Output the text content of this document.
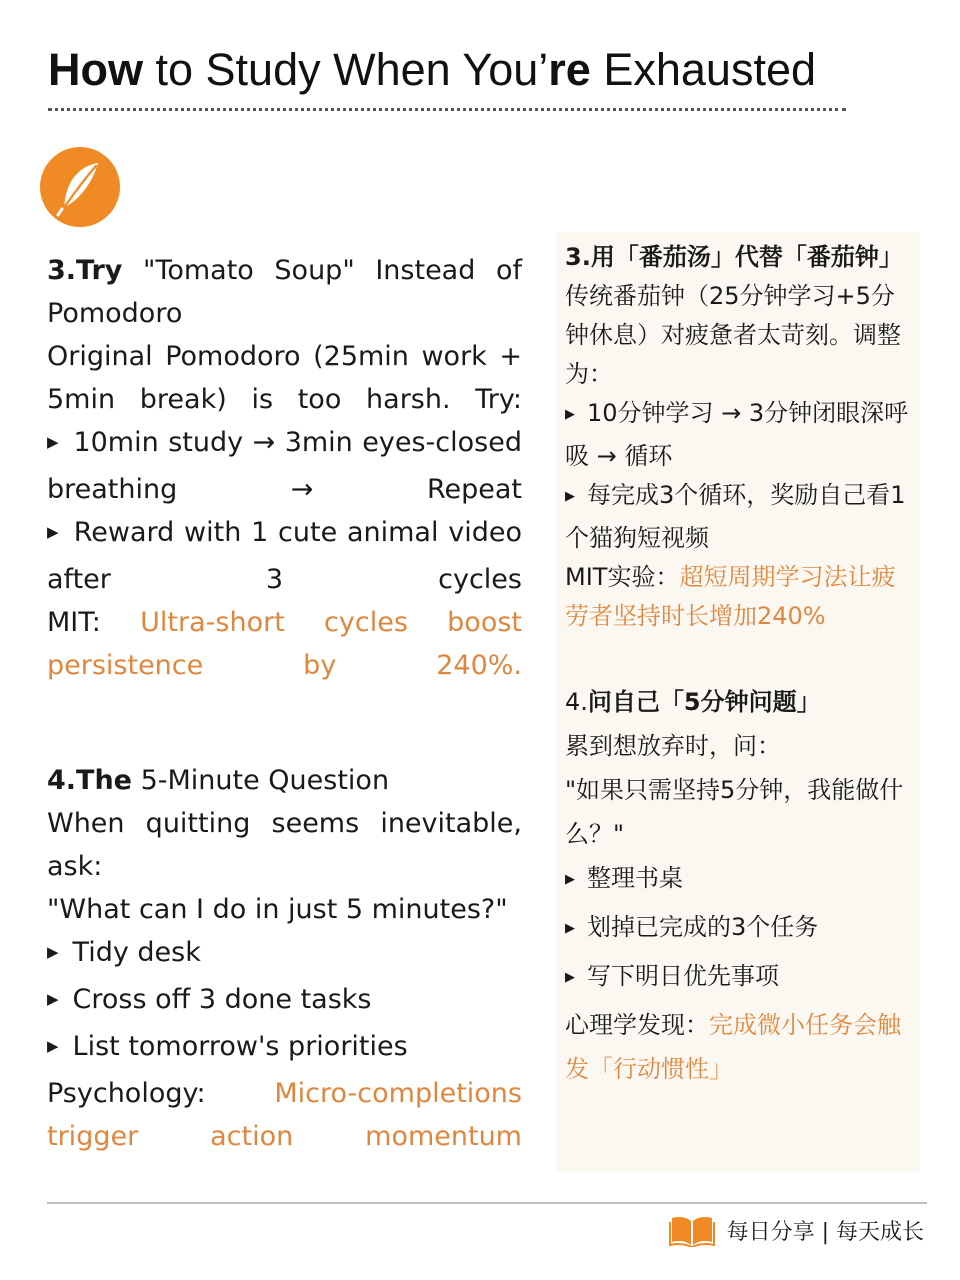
How to Study When You’re Exhausted

3.Try "Tomato Soup" Instead of Pomodoro

Original Pomodoro (25min work + 5min break) is too harsh. Try:

▶ 10min study → 3min eyes-closed breathing → Repeat

▶ Reward with 1 cute animal video after 3 cycles

MIT: Ultra-short cycles boost persistence by 240%.

4.The 5-Minute Question

When quitting seems inevitable, ask:

"What can I do in just 5 minutes?"

▶ Tidy desk

▶ Cross off 3 done tasks

▶ List tomorrow's priorities

Psychology: Micro-completions trigger action momentum

3.用「番茄汤」代替「番茄钟」

传统番茄钟（25分钟学习+5分钟休息）对疲惫者太苛刻。调整为：

▶ 10分钟学习 → 3分钟闭眼深呼吸 → 循环

▶ 每完成3个循环，奖励自己看1个猫狗短视频

MIT实验：超短周期学习法让疲劳者坚持时长增加240%

4.问自己「5分钟问题」

累到想放弃时，问：

"如果只需坚持5分钟，我能做什么？"

▶ 整理书桌

▶ 划掉已完成的3个任务

▶ 写下明日优先事项

心理学发现：完成微小任务会触发「行动惯性」

每日分享 | 每天成长
